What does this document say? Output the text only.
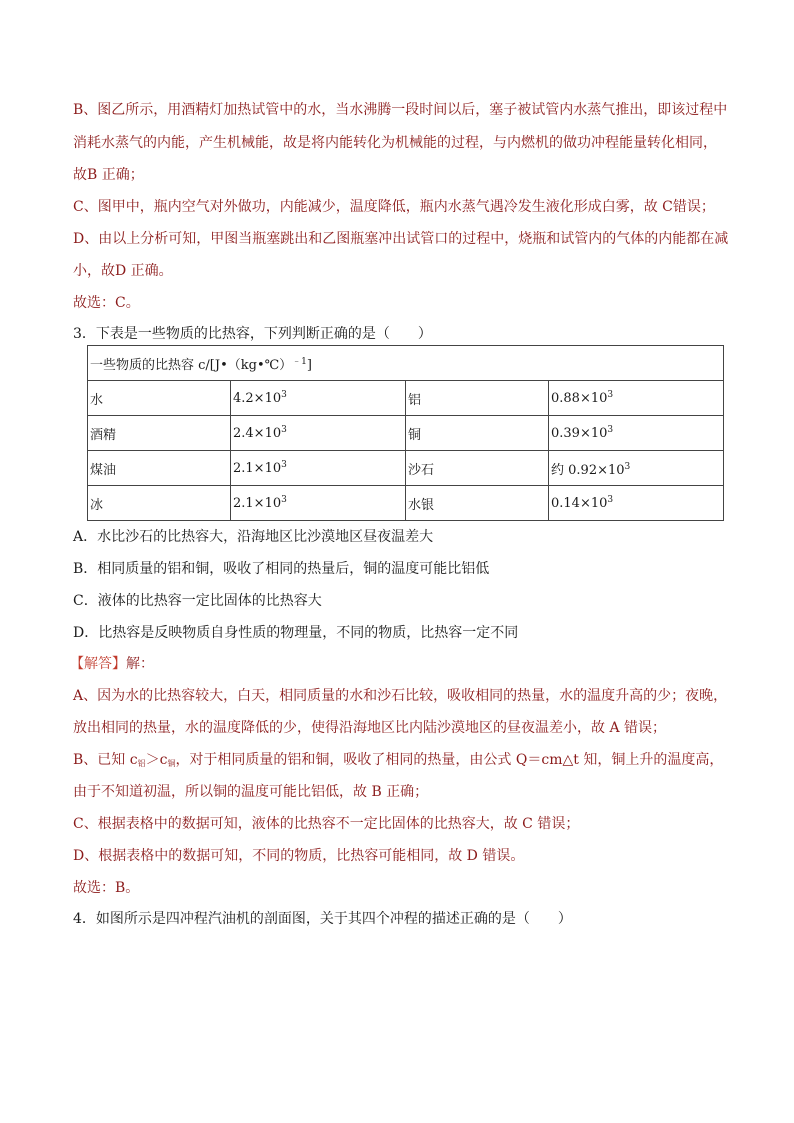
B、图乙所示，用酒精灯加热试管中的水，当水沸腾一段时间以后，塞子被试管内水蒸气推出，即该过程中
消耗水蒸气的内能，产生机械能，故是将内能转化为机械能的过程，与内燃机的做功冲程能量转化相同，
故B 正确；
C、图甲中，瓶内空气对外做功，内能减少，温度降低，瓶内水蒸气遇冷发生液化形成白雾，故 C错误；
D、由以上分析可知，甲图当瓶塞跳出和乙图瓶塞冲出试管口的过程中，烧瓶和试管内的气体的内能都在减
小，故D 正确。
故选：C。
3．下表是一些物质的比热容，下列判断正确的是（　　）
一些物质的比热容 c/[J•（kg•℃）$^{﹣1}$]			
水	$4.2\times 10^3$	铝	$0.88\times 10^3$
酒精	$2.4\times 10^3$	铜	$0.39\times 10^3$
煤油	$2.1\times 10^3$	沙石	约 $0.92\times 10^3$
冰	$2.1\times 10^3$	水银	$0.14\times 10^3$
A．水比沙石的比热容大，沿海地区比沙漠地区昼夜温差大
B．相同质量的铝和铜，吸收了相同的热量后，铜的温度可能比铝低
C．液体的比热容一定比固体的比热容大
D．比热容是反映物质自身性质的物理量，不同的物质，比热容一定不同
【解答】解：
A、因为水的比热容较大，白天，相同质量的水和沙石比较，吸收相同的热量，水的温度升高的少；夜晚，
放出相同的热量，水的温度降低的少，使得沿海地区比内陆沙漠地区的昼夜温差小，故 A 错误；
B、已知 $c_铝>c_铜$，对于相同质量的铝和铜，吸收了相同的热量，由公式 Q＝cm△t 知，铜上升的温度高，
由于不知道初温，所以铜的温度可能比铝低，故 B 正确；
C、根据表格中的数据可知，液体的比热容不一定比固体的比热容大，故 C 错误；
D、根据表格中的数据可知，不同的物质，比热容可能相同，故 D 错误。
故选：B。
4．如图所示是四冲程汽油机的剖面图，关于其四个冲程的描述正确的是（　　）
